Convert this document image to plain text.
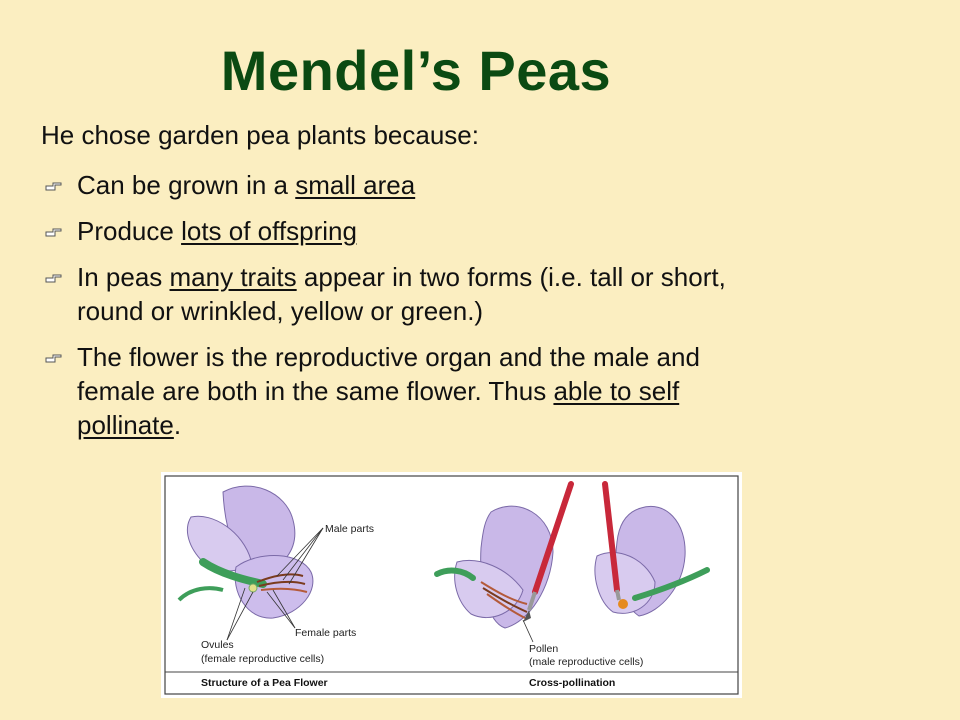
Mendel’s Peas
He chose garden pea plants because:
Can be grown in a small area
Produce lots of offspring
In peas many traits appear in two forms (i.e. tall or short, round or wrinkled, yellow or green.)
The flower is the reproductive organ and the male and female are both in the same flower. Thus able to self pollinate.
Male parts
Female parts
Ovules
(female reproductive cells)
Structure of a Pea Flower
Pollen
(male reproductive cells)
Cross-pollination
